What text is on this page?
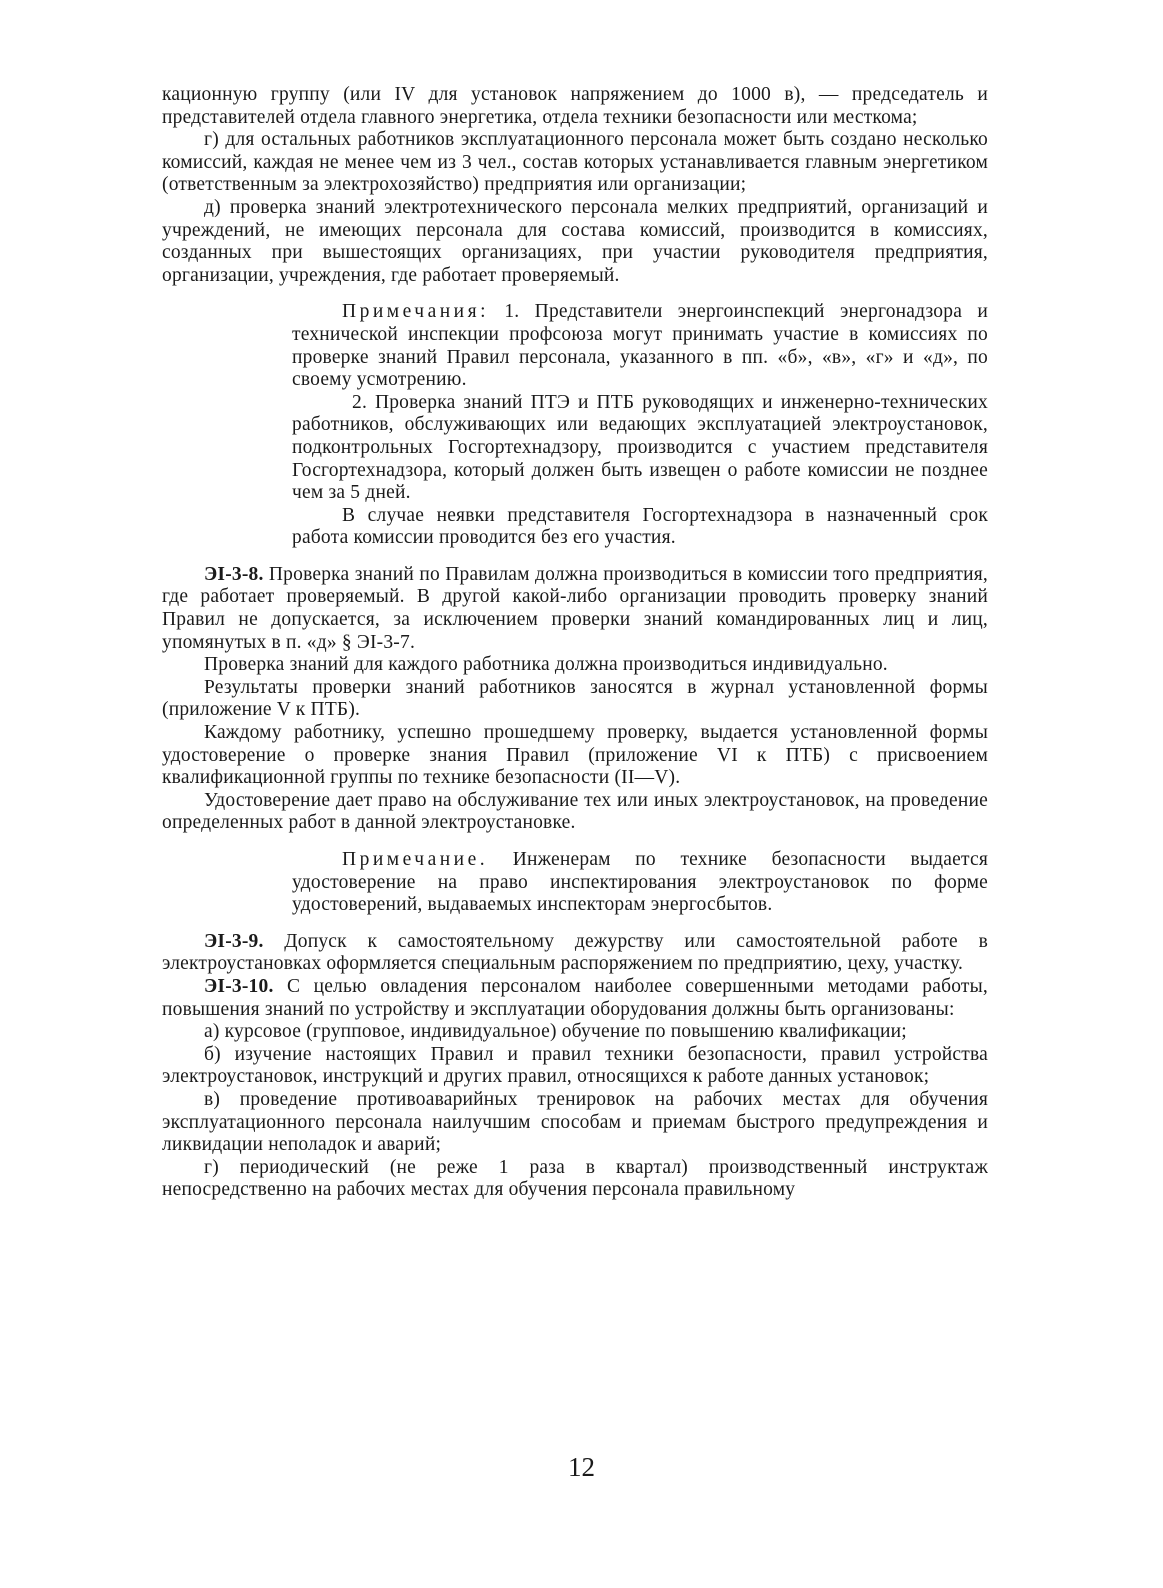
кационную группу (или IV для установок напряжением до 1000 в), — председатель и представителей отдела главного энергетика, отдела техники безопасности или месткома;

г) для остальных работников эксплуатационного персонала может быть создано несколько комиссий, каждая не менее чем из 3 чел., состав которых устанавливается главным энергетиком (ответственным за электрохозяйство) предприятия или организации;

д) проверка знаний электротехнического персонала мелких предприятий, организаций и учреждений, не имеющих персонала для состава комиссий, производится в комиссиях, созданных при вышестоящих организациях, при участии руководителя предприятия, организации, учреждения, где работает проверяемый.

Примечания: 1. Представители энергоинспекций энергонадзора и технической инспекции профсоюза могут принимать участие в комиссиях по проверке знаний Правил персонала, указанного в пп. «б», «в», «г» и «д», по своему усмотрению.

2. Проверка знаний ПТЭ и ПТБ руководящих и инженерно-технических работников, обслуживающих или ведающих эксплуатацией электроустановок, подконтрольных Госгортехнадзору, производится с участием представителя Госгортехнадзора, который должен быть извещен о работе комиссии не позднее чем за 5 дней.

В случае неявки представителя Госгортехнадзора в назначенный срок работа комиссии проводится без его участия.

ЭI-3-8. Проверка знаний по Правилам должна производиться в комиссии того предприятия, где работает проверяемый. В другой какой-либо организации проводить проверку знаний Правил не допускается, за исключением проверки знаний командированных лиц и лиц, упомянутых в п. «д» § ЭI-3-7.

Проверка знаний для каждого работника должна производиться индивидуально.

Результаты проверки знаний работников заносятся в журнал установленной формы (приложение V к ПТБ).

Каждому работнику, успешно прошедшему проверку, выдается установленной формы удостоверение о проверке знания Правил (приложение VI к ПТБ) с присвоением квалификационной группы по технике безопасности (II—V).

Удостоверение дает право на обслуживание тех или иных электроустановок, на проведение определенных работ в данной электроустановке.

Примечание. Инженерам по технике безопасности выдается удостоверение на право инспектирования электроустановок по форме удостоверений, выдаваемых инспекторам энергосбытов.

ЭI-3-9. Допуск к самостоятельному дежурству или самостоятельной работе в электроустановках оформляется специальным распоряжением по предприятию, цеху, участку.

ЭI-3-10. С целью овладения персоналом наиболее совершенными методами работы, повышения знаний по устройству и эксплуатации оборудования должны быть организованы:

а) курсовое (групповое, индивидуальное) обучение по повышению квалификации;

б) изучение настоящих Правил и правил техники безопасности, правил устройства электроустановок, инструкций и других правил, относящихся к работе данных установок;

в) проведение противоаварийных тренировок на рабочих местах для обучения эксплуатационного персонала наилучшим способам и приемам быстрого предупреждения и ликвидации неполадок и аварий;

г) периодический (не реже 1 раза в квартал) производственный инструктаж непосредственно на рабочих местах для обучения персонала правильному

12
